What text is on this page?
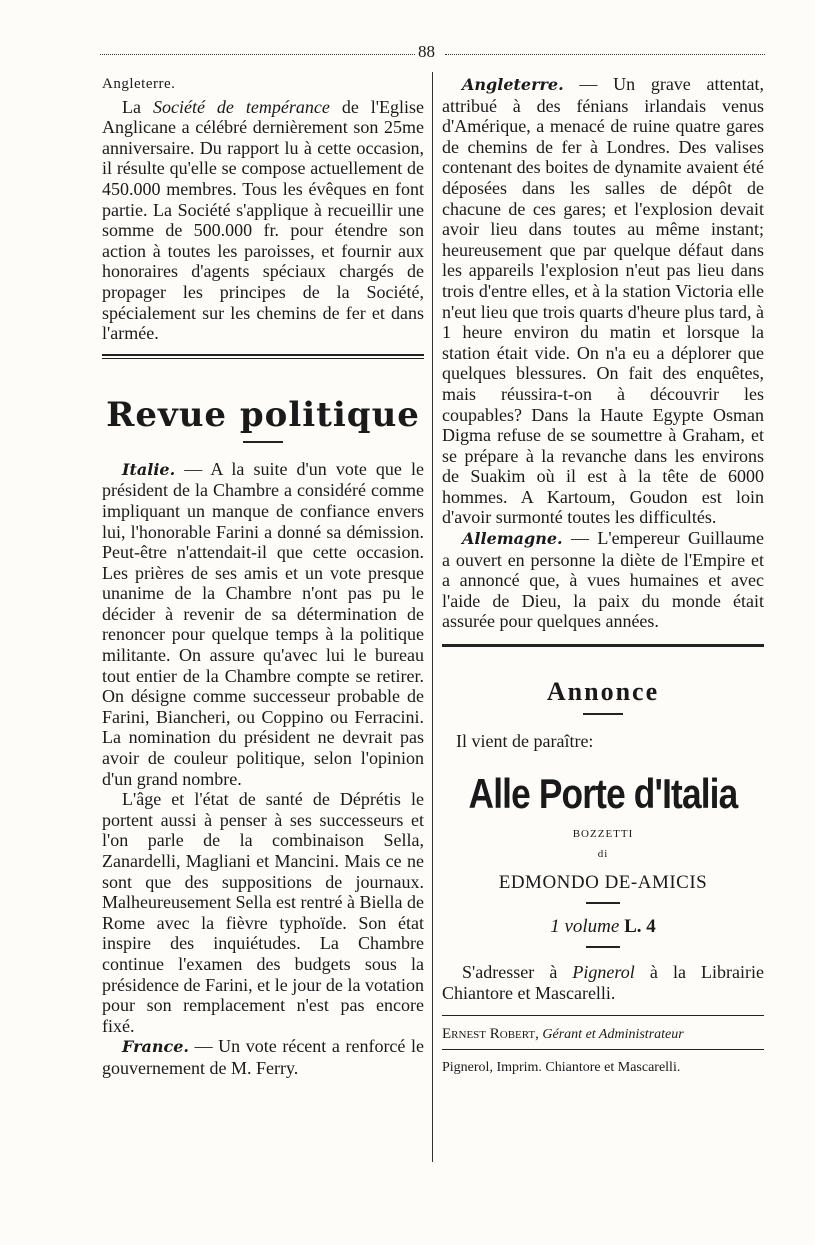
88

Angleterre.

La Société de tempérance de l'Eglise Anglicane a célébré dernièrement son 25me anniversaire. Du rapport lu à cette occasion, il résulte qu'elle se compose actuellement de 450.000 membres. Tous les évêques en font partie. La Société s'applique à recueillir une somme de 500.000 fr. pour étendre son action à toutes les paroisses, et fournir aux honoraires d'agents spéciaux chargés de propager les principes de la Société, spécialement sur les chemins de fer et dans l'armée.

Revue politique

Italie. — A la suite d'un vote que le président de la Chambre a considéré comme impliquant un manque de confiance envers lui, l'honorable Farini a donné sa démission. Peut-être n'attendait-il que cette occasion. Les prières de ses amis et un vote presque unanime de la Chambre n'ont pas pu le décider à revenir de sa détermination de renoncer pour quelque temps à la politique militante. On assure qu'avec lui le bureau tout entier de la Chambre compte se retirer. On désigne comme successeur probable de Farini, Biancheri, ou Coppino ou Ferracini. La nomination du président ne devrait pas avoir de couleur politique, selon l'opinion d'un grand nombre.

L'âge et l'état de santé de Déprétis le portent aussi à penser à ses successeurs et l'on parle de la combinaison Sella, Zanardelli, Magliani et Mancini. Mais ce ne sont que des suppositions de journaux. Malheureusement Sella est rentré à Biella de Rome avec la fièvre typhoïde. Son état inspire des inquiétudes. La Chambre continue l'examen des budgets sous la présidence de Farini, et le jour de la votation pour son remplacement n'est pas encore fixé.

France. — Un vote récent a renforcé le gouvernement de M. Ferry.

Angleterre. — Un grave attentat, attribué à des fénians irlandais venus d'Amérique, a menacé de ruine quatre gares de chemins de fer à Londres. Des valises contenant des boites de dynamite avaient été déposées dans les salles de dépôt de chacune de ces gares; et l'explosion devait avoir lieu dans toutes au même instant; heureusement que par quelque défaut dans les appareils l'explosion n'eut pas lieu dans trois d'entre elles, et à la station Victoria elle n'eut lieu que trois quarts d'heure plus tard, à 1 heure environ du matin et lorsque la station était vide. On n'a eu a déplorer que quelques blessures. On fait des enquêtes, mais réussira-t-on à découvrir les coupables? Dans la Haute Egypte Osman Digma refuse de se soumettre à Graham, et se prépare à la revanche dans les environs de Suakim où il est à la tête de 6000 hommes. A Kartoum, Goudon est loin d'avoir surmonté toutes les difficultés.

Allemagne. — L'empereur Guillaume a ouvert en personne la diète de l'Empire et a annoncé que, à vues humaines et avec l'aide de Dieu, la paix du monde était assurée pour quelques années.

Annonce
Il vient de paraître:
Alle Porte d'Italia
BOZZETTI
di
EDMONDO DE-AMICIS
1 volume L. 4

S'adresser à Pignerol à la Librairie Chiantore et Mascarelli.

Ernest Robert, Gérant et Administrateur
Pignerol, Imprim. Chiantore et Mascarelli.
